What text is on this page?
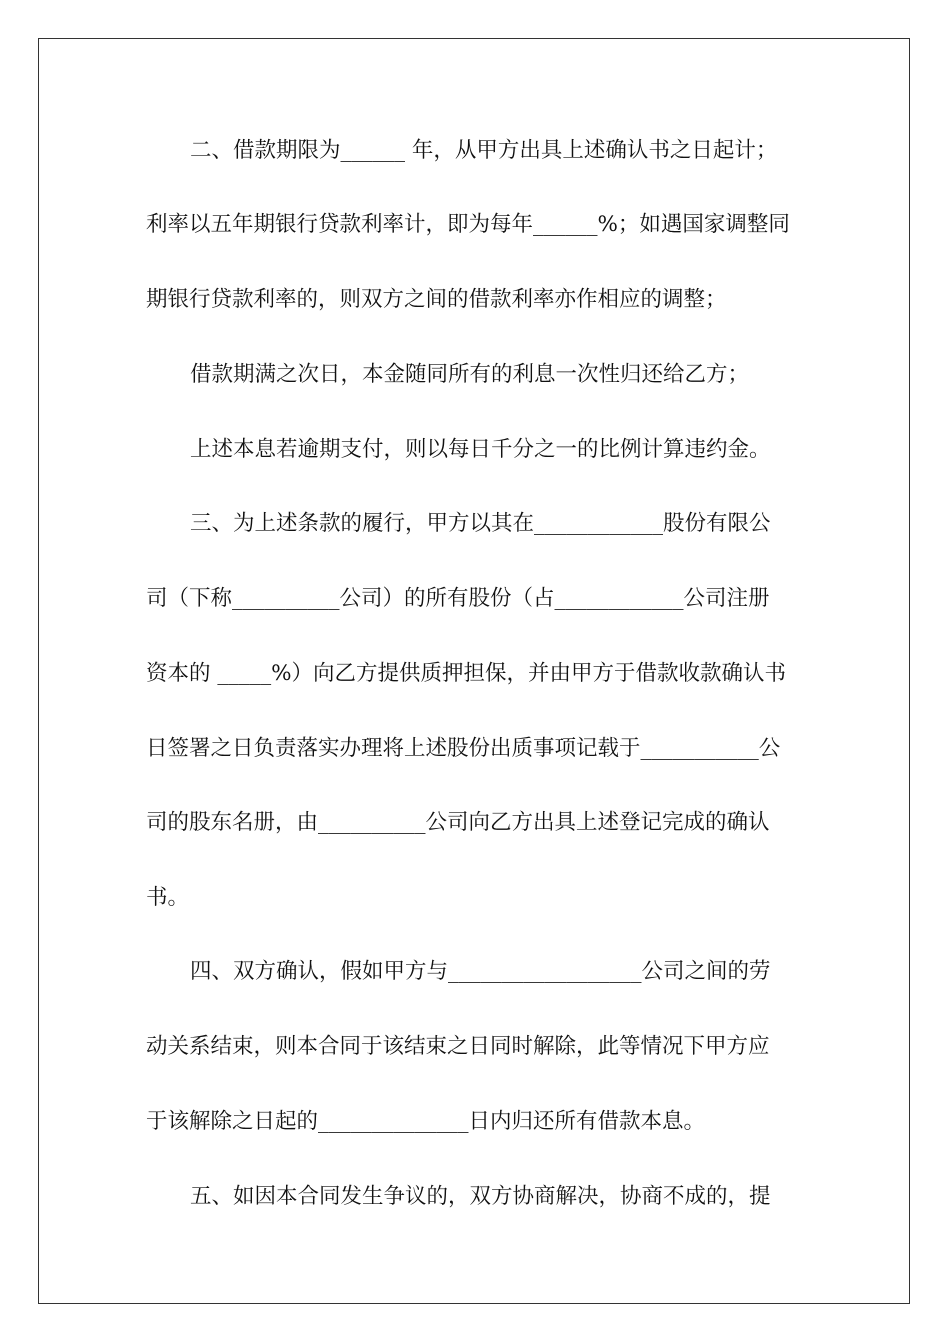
二、借款期限为______ 年，从甲方出具上述确认书之日起计；
利率以五年期银行贷款利率计，即为每年______%；如遇国家调整同
期银行贷款利率的，则双方之间的借款利率亦作相应的调整；
借款期满之次日，本金随同所有的利息一次性归还给乙方；
上述本息若逾期支付，则以每日千分之一的比例计算违约金。
三、为上述条款的履行，甲方以其在____________股份有限公
司（下称__________公司）的所有股份（占____________公司注册
资本的 _____%）向乙方提供质押担保，并由甲方于借款收款确认书
日签署之日负责落实办理将上述股份出质事项记载于___________公
司的股东名册，由__________公司向乙方出具上述登记完成的确认
书。
四、双方确认，假如甲方与__________________公司之间的劳
动关系结束，则本合同于该结束之日同时解除，此等情况下甲方应
于该解除之日起的______________日内归还所有借款本息。
五、如因本合同发生争议的，双方协商解决，协商不成的，提
